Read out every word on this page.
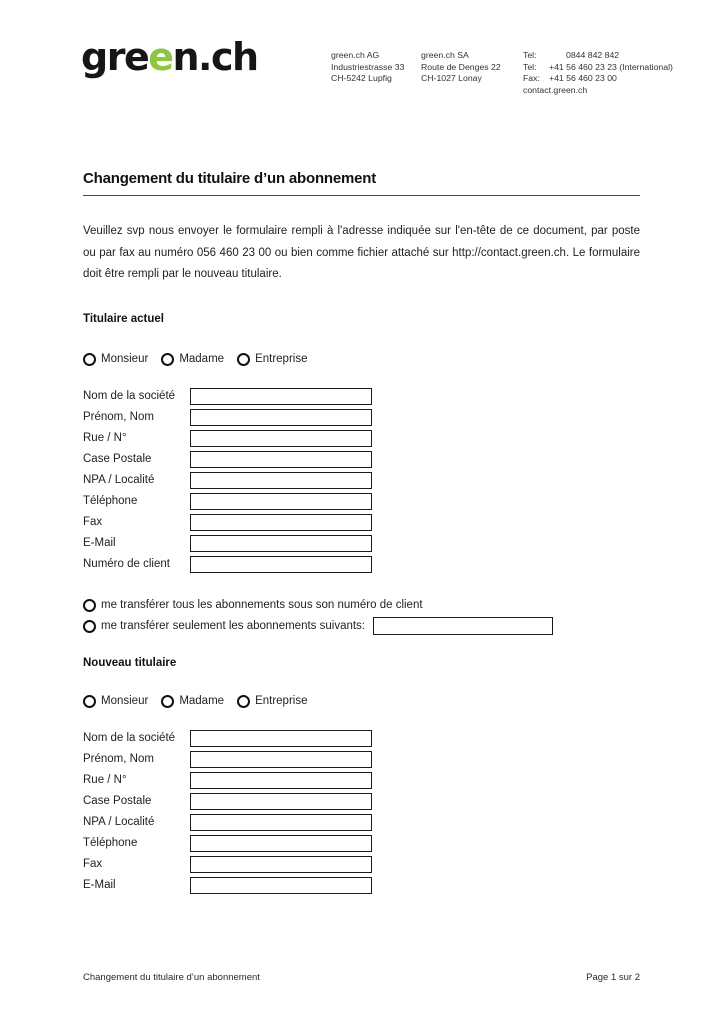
green.ch	green.ch AG
Industriestrasse 33
CH-5242 Lupfig
green.ch SA
Route de Denges 22
CH-1027 Lonay
Tel:	0844 842 842
Tel:	+41 56 460 23 23 (International)
Fax:	+41 56 460 23 00
contact.green.ch
Changement du titulaire d’un abonnement

Veuillez svp nous envoyer le formulaire rempli à l'adresse indiquée sur l'en-tête de ce document, par poste ou par fax au numéro 056 460 23 00 ou bien comme fichier attaché sur http://contact.green.ch. Le formulaire doit être rempli par le nouveau titulaire.

Titulaire actuel
Monsieur	Madame	Entreprise
Nom de la société
Prénom, Nom
Rue / N°
Case Postale
NPA / Localité
Téléphone
Fax
E-Mail
Numéro de client
me transférer tous les abonnements sous son numéro de client
me transférer seulement les abonnements suivants:
Nouveau titulaire
Monsieur	Madame	Entreprise
Nom de la société
Prénom, Nom
Rue / N°
Case Postale
NPA / Localité
Téléphone
Fax
E-Mail
Changement du titulaire d’un abonnement	Page 1 sur 2
